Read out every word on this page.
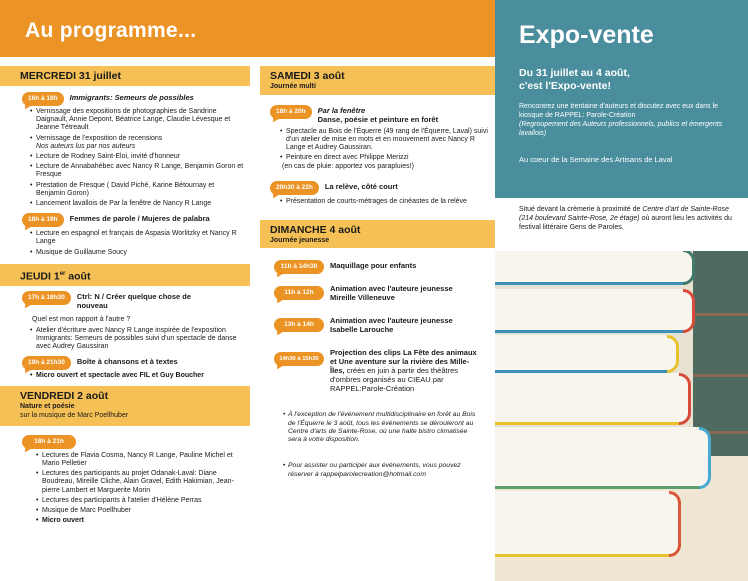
Au programme...
MERCREDI 31 juillet
16h à 18h	Immigrants: Semeurs de possibles
• Vernissage des expositions de photographies de Sandrine Daignault, Annie Depont, Béatrice Lange, Claudie Lévesque et Jeanne Tétreault
• Vernissage de l'exposition de recensions
Nos auteurs lus par nos auteurs
• Lecture de Rodney Saint-Eloi, invité d'honneur
• Lecture de Annabahébec avec Nancy R Lange, Benjamin Goron et Fresque
• Prestation de Fresque ( David Piché, Karine Bétournay et Benjamin Goron)
• Lancement lavallois de Par la fenêtre de Nancy R Lange
18h à 19h	Femmes de parole / Mujeres de palabra
• Lecture en espagnol et français de Aspasia Worlitzky et Nancy R Lange
• Musique de Guillaume Soucy
JEUDI 1er août
17h à 18h30	Ctrl: N / Créer quelque chose de nouveau
Quel est mon rapport à l'autre ?
• Atelier d'écriture avec Nancy R Lange inspirée de l'exposition Immigrants: Semeurs de possibles suivi d'un spectacle de danse avec Audrey Gaussiran
19h à 21h30	Boîte à chansons et à textes
• Micro ouvert et spectacle avec FIL et Guy Boucher
VENDREDI 2 août
Nature et poésie
sur la musique de Marc Poellhuber
18h à 21h
• Lectures de Flavia Cosma, Nancy R Lange, Pauline Michel et Mario Pelletier
• Lectures des participants au projet Odanak-Laval: Diane Boudreau, Mireille Cliche, Alain Gravel, Edith Hakimian, Jean-pierre Lambert et Marguerite Morin
• Lectures des participants à l'atelier d'Hélène Perras
• Musique de Marc Poellhuber
• Micro ouvert
SAMEDI 3 août
Journée multi
18h à 20h	Par la fenêtre
Danse, poésie et peinture en forêt
• Spectacle au Bois de l'Équerre (49 rang de l'Équerre, Laval) suivi d'un atelier de mise en mots et en mouvement avec Nancy R Lange et Audrey Gaussiran.
• Peinture en direct avec Philippe Merizzi
(en cas de pluie: apportez vos parapluies!)
20h30 à 22h	La relève, côté court
• Présentation de courts-métrages de cinéastes de la relève
DIMANCHE 4 août
Journée jeunesse
11h à 14h30	Maquillage pour enfants
11h à 12h	Animation avec l'auteure jeunesse Mireille Villeneuve
13h à 14h	Animation avec l'auteure jeunesse Isabelle Larouche
14h30 à 15h30
Projection des clips La Fête des animaux et Une aventure sur la rivière des Mille-Îles, créés en juin à partir des théâtres d'ombres organisés au CIEAU par RAPPEL:Parole-Création
• À l'exception de l'événement multidisciplinaire en forêt au Bois de l'Équerre le 3 août, tous les événements se dérouleront au Centre d'arts de Sainte-Rose, où une halte bistro climatisée sera à votre disposition.
• Pour assister ou participer aux événements, vous pouvez réserver à rappelparolecreation@hotmail.com
Expo-vente
Du 31 juillet au 4 août,
c'est l'Expo-vente!
Rencontrez une trentaine d'auteurs et discutez avec eux dans le kiosque de RAPPEL: Parole-Création
(Regroupement des Auteurs professionnels, publics et émergents lavallois)
Au coeur de la Semaine des Artisans de Laval
Situé devant la crèmerie à proximité de Centre d'art de Sainte-Rose (214 boulevard Sainte-Rose, 2e étage) où auront lieu les activités du festival littéraire Gens de Paroles.
